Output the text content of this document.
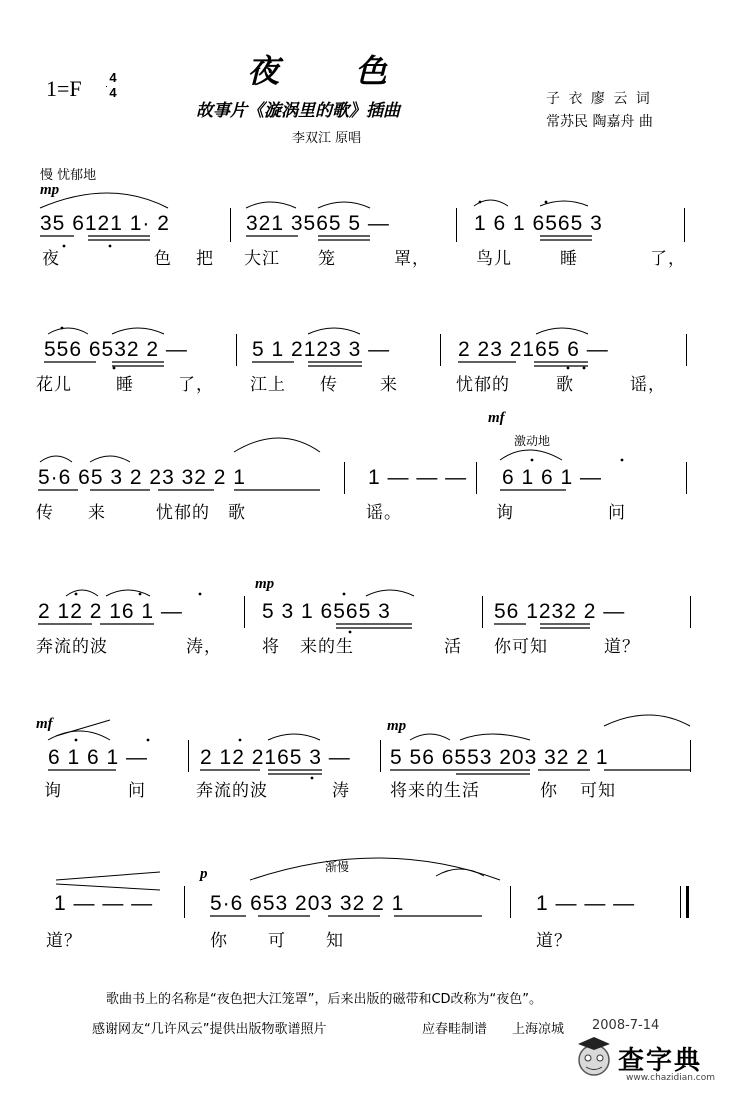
1=F 4
4
夜 色
故事片《漩涡里的歌》插曲
李双江 原唱
子 衣 廖 云 词
常苏民 陶嘉舟 曲
慢 忧郁地
mp
mf
激动地
mp
mf	mp
p	渐慢
35 6121 1· 2	321 3565 5 —	1 6 1 6565 3
夜	色 把 大江 笼	罩，	鸟儿	睡	了，
556 6532 2 —	5 1 2123 3 —	2 23 2165 6 —
花儿	睡	了， 江上 传 来	忧郁的	歌	谣，
5·6 65 3 2 23 32 2 1	1 — — — 6 1 6 1 —
传 来	忧郁的 歌	谣。	询	问
2 12 2 16 1 —	5 3 1 6565 3	56 1232 2 —
奔流的波	涛， 将 来的生	活 你可知	道？
6 1 6 1 — 2 12 2165 3 — 5 56 6553 203 32 2 1
询	问	奔流的波	涛 将来的生活	你 可知
1 — — —	5·6 653 203 32 2 1	1 — — —
道？	你 可 知	道？
歌曲书上的名称是“夜色把大江笼罩”，后来出版的磁带和CD改称为“夜色”。
感谢网友“几许风云”提供出版物歌谱照片	应春畦制谱 上海凉城 2008-7-14
查字典
www.chazidian.com
